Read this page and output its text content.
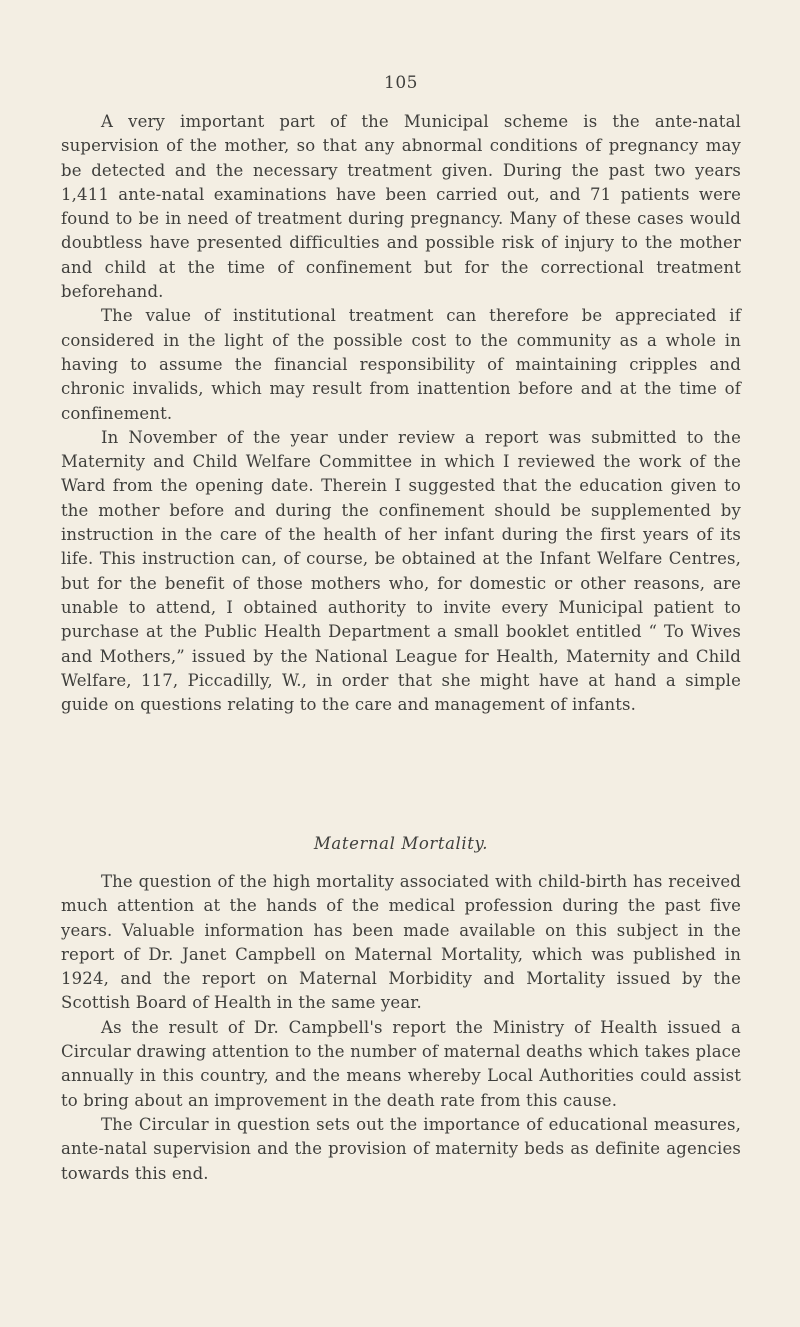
105

A very important part of the Municipal scheme is the ante-natal supervision of the mother, so that any abnormal conditions of pregnancy may be detected and the necessary treatment given. During the past two years 1,411 ante-natal examinations have been carried out, and 71 patients were found to be in need of treatment during pregnancy. Many of these cases would doubtless have presented difficulties and possible risk of injury to the mother and child at the time of confinement but for the correctional treatment beforehand.

The value of institutional treatment can therefore be appreciated if considered in the light of the possible cost to the community as a whole in having to assume the financial responsibility of maintaining cripples and chronic invalids, which may result from inattention before and at the time of confinement.

In November of the year under review a report was submitted to the Maternity and Child Welfare Committee in which I reviewed the work of the Ward from the opening date. Therein I suggested that the education given to the mother before and during the confinement should be supplemented by instruction in the care of the health of her infant during the first years of its life. This instruction can, of course, be obtained at the Infant Welfare Centres, but for the benefit of those mothers who, for domestic or other reasons, are unable to attend, I obtained authority to invite every Municipal patient to purchase at the Public Health Department a small booklet entitled “ To Wives and Mothers,” issued by the National League for Health, Maternity and Child Welfare, 117, Piccadilly, W., in order that she might have at hand a simple guide on questions relating to the care and management of infants.

Maternal Mortality.

The question of the high mortality associated with child-birth has received much attention at the hands of the medical profession during the past five years. Valuable information has been made available on this subject in the report of Dr. Janet Campbell on Maternal Mortality, which was published in 1924, and the report on Maternal Morbidity and Mortality issued by the Scottish Board of Health in the same year.

As the result of Dr. Campbell's report the Ministry of Health issued a Circular drawing attention to the number of maternal deaths which takes place annually in this country, and the means whereby Local Authorities could assist to bring about an improvement in the death rate from this cause.

The Circular in question sets out the importance of educational measures, ante-natal supervision and the provision of maternity beds as definite agencies towards this end.
